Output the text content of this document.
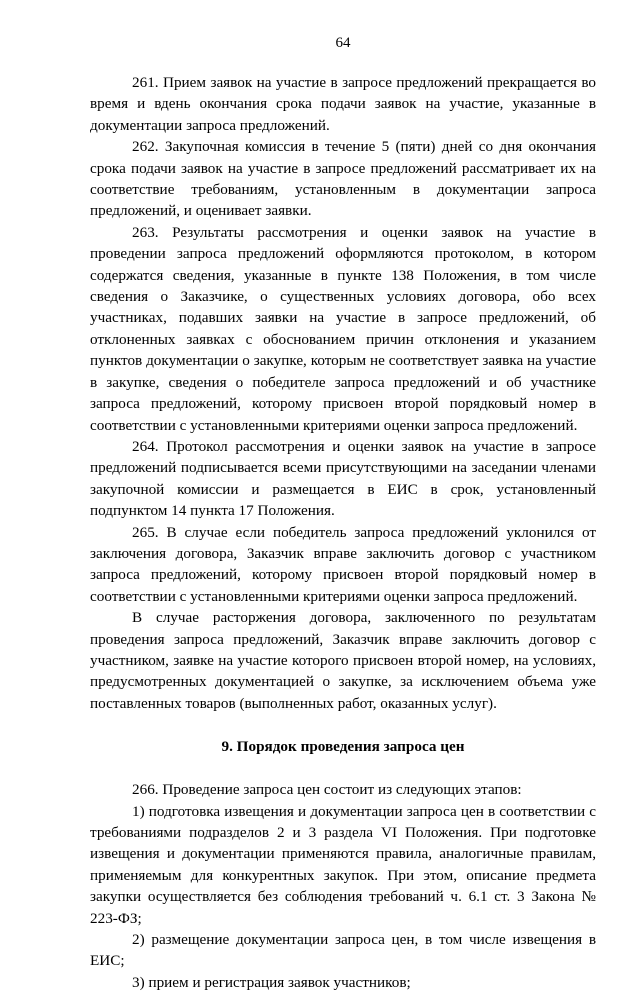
64

261. Прием заявок на участие в запросе предложений прекращается во время и вдень окончания срока подачи заявок на участие, указанные в документации запроса предложений.

262. Закупочная комиссия в течение 5 (пяти) дней со дня окончания срока подачи заявок на участие в запросе предложений рассматривает их на соответствие требованиям, установленным в документации запроса предложений, и оценивает заявки.

263. Результаты рассмотрения и оценки заявок на участие в проведении запроса предложений оформляются протоколом, в котором содержатся сведения, указанные в пункте 138 Положения, в том числе сведения о Заказчике, о существенных условиях договора, обо всех участниках, подавших заявки на участие в запросе предложений, об отклоненных заявках с обоснованием причин отклонения и указанием пунктов документации о закупке, которым не соответствует заявка на участие в закупке, сведения о победителе запроса предложений и об участнике запроса предложений, которому присвоен второй порядковый номер в соответствии с установленными критериями оценки запроса предложений.

264. Протокол рассмотрения и оценки заявок на участие в запросе предложений подписывается всеми присутствующими на заседании членами закупочной комиссии и размещается в ЕИС в срок, установленный подпунктом 14 пункта 17 Положения.

265. В случае если победитель запроса предложений уклонился от заключения договора, Заказчик вправе заключить договор с участником запроса предложений, которому присвоен второй порядковый номер в соответствии с установленными критериями оценки запроса предложений.

В случае расторжения договора, заключенного по результатам проведения запроса предложений, Заказчик вправе заключить договор с участником, заявке на участие которого присвоен второй номер, на условиях, предусмотренных документацией о закупке, за исключением объема уже поставленных товаров (выполненных работ, оказанных услуг).

9. Порядок проведения запроса цен

266. Проведение запроса цен состоит из следующих этапов:

1) подготовка извещения и документации запроса цен в соответствии с требованиями подразделов 2 и 3 раздела VI Положения. При подготовке извещения и документации применяются правила, аналогичные правилам, применяемым для конкурентных закупок. При этом, описание предмета закупки осуществляется без соблюдения требований ч. 6.1 ст. 3 Закона № 223-ФЗ;

2) размещение документации запроса цен, в том числе извещения в ЕИС;

3) прием и регистрация заявок участников;
